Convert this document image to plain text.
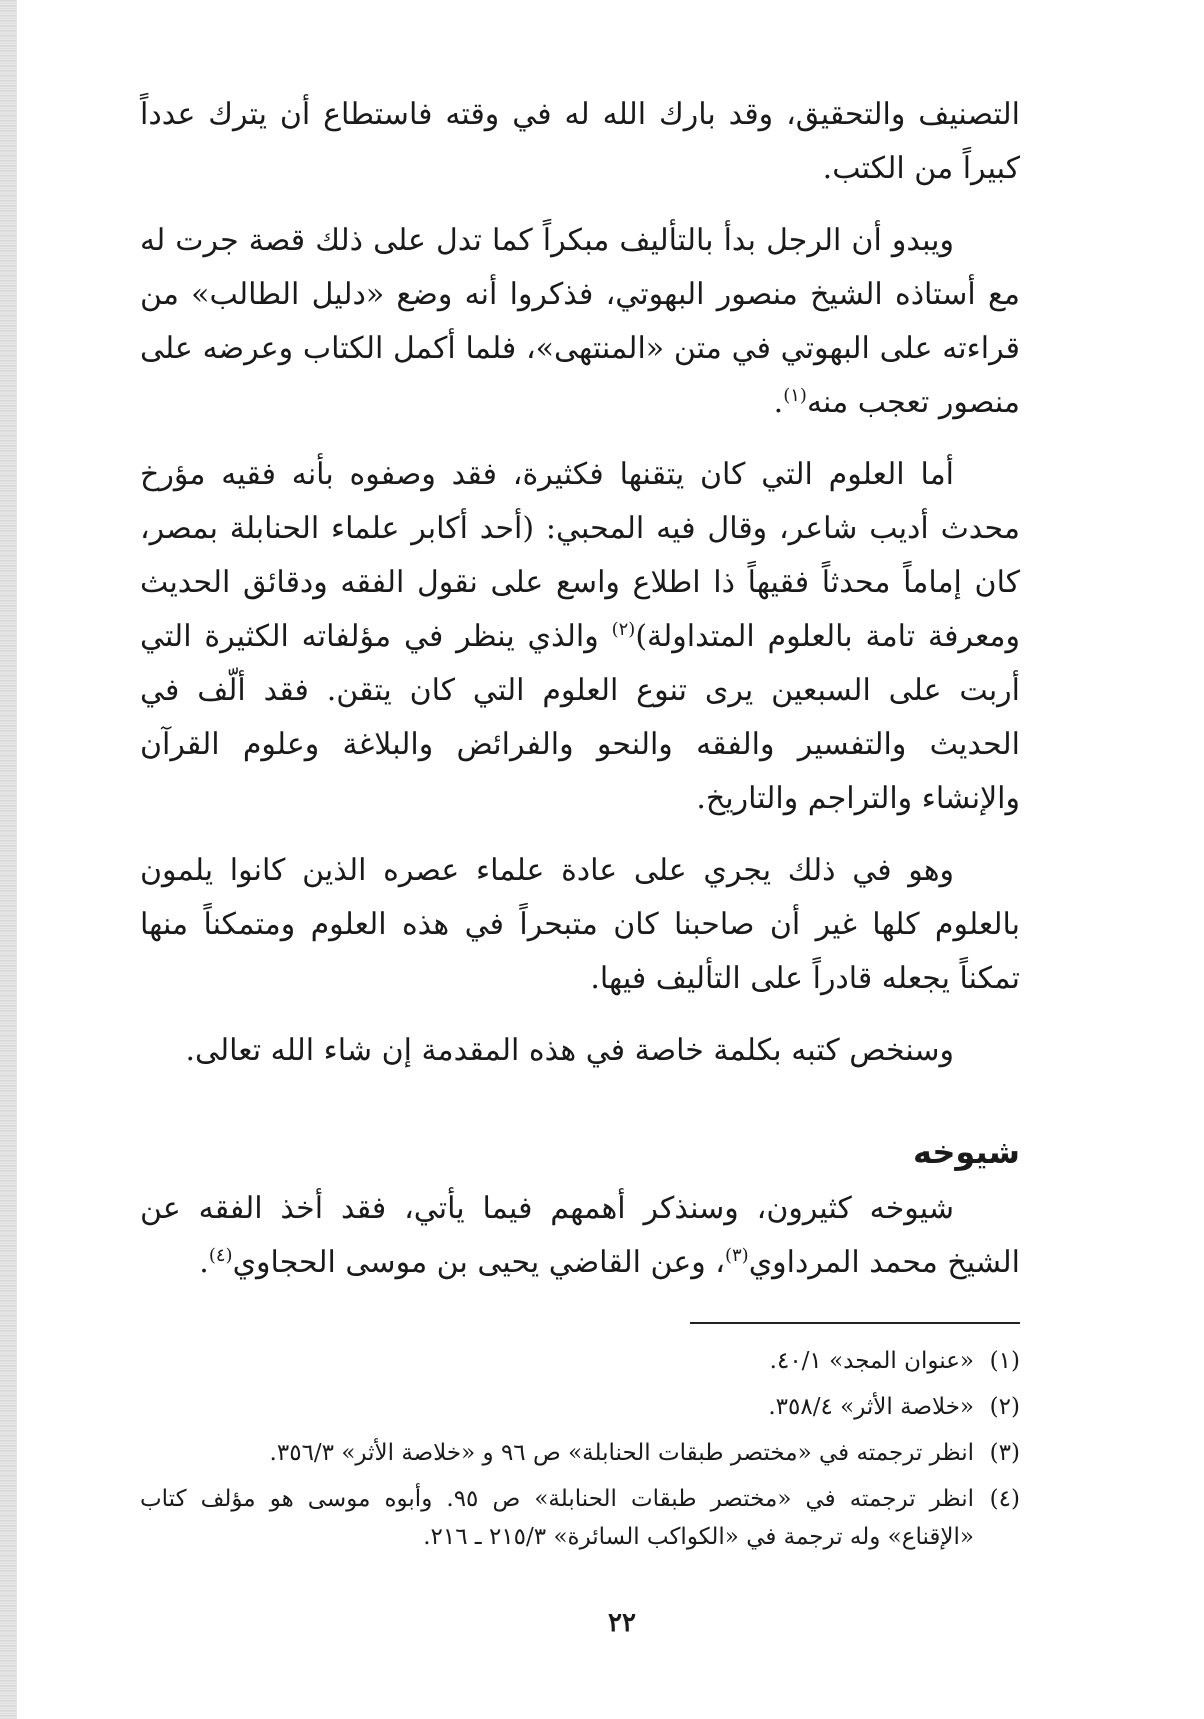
التصنيف والتحقيق، وقد بارك الله له في وقته فاستطاع أن يترك عدداً كبيراً من الكتب.

ويبدو أن الرجل بدأ بالتأليف مبكراً كما تدل على ذلك قصة جرت له مع أستاذه الشيخ منصور البهوتي، فذكروا أنه وضع «دليل الطالب» من قراءته على البهوتي في متن «المنتهى»، فلما أكمل الكتاب وعرضه على منصور تعجب منه$^{(١)}$.

أما العلوم التي كان يتقنها فكثيرة، فقد وصفوه بأنه فقيه مؤرخ محدث أديب شاعر، وقال فيه المحبي: (أحد أكابر علماء الحنابلة بمصر، كان إماماً محدثاً فقيهاً ذا اطلاع واسع على نقول الفقه ودقائق الحديث ومعرفة تامة بالعلوم المتداولة)$^{(٢)}$ والذي ينظر في مؤلفاته الكثيرة التي أربت على السبعين يرى تنوع العلوم التي كان يتقن. فقد ألّف في الحديث والتفسير والفقه والنحو والفرائض والبلاغة وعلوم القرآن والإنشاء والتراجم والتاريخ.

وهو في ذلك يجري على عادة علماء عصره الذين كانوا يلمون بالعلوم كلها غير أن صاحبنا كان متبحراً في هذه العلوم ومتمكناً منها تمكناً يجعله قادراً على التأليف فيها.

وسنخص كتبه بكلمة خاصة في هذه المقدمة إن شاء الله تعالى.

شيوخه

شيوخه كثيرون، وسنذكر أهمهم فيما يأتي، فقد أخذ الفقه عن الشيخ محمد المرداوي$^{(٣)}$، وعن القاضي يحيى بن موسى الحجاوي$^{(٤)}$.

(١)
«عنوان المجد» ٤٠/١.
(٢)
«خلاصة الأثر» ٣٥٨/٤.
(٣)
انظر ترجمته في «مختصر طبقات الحنابلة» ص ٩٦ و «خلاصة الأثر» ٣٥٦/٣.
(٤)
انظر ترجمته في «مختصر طبقات الحنابلة» ص ٩٥. وأبوه موسى هو مؤلف كتاب «الإقناع» وله ترجمة في «الكواكب السائرة» ٢١٥/٣ ـ ٢١٦.
٢٢
